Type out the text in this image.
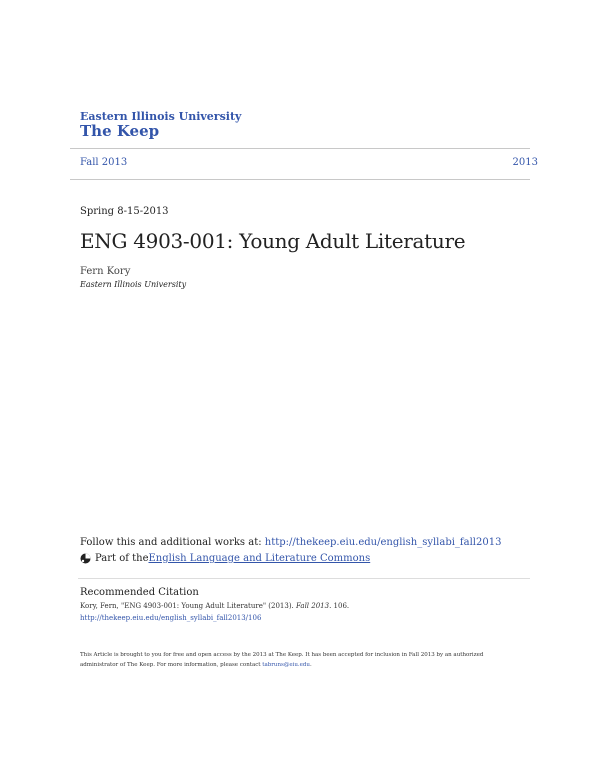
Eastern Illinois University
The Keep
Fall 2013	2013
Spring 8-15-2013
ENG 4903-001: Young Adult Literature
Fern Kory
Eastern Illinois University
Follow this and additional works at: http://thekeep.eiu.edu/english_syllabi_fall2013
Part of the English Language and Literature Commons
Recommended Citation
Kory, Fern, "ENG 4903-001: Young Adult Literature" (2013). Fall 2013. 106.
http://thekeep.eiu.edu/english_syllabi_fall2013/106
This Article is brought to you for free and open access by the 2013 at The Keep. It has been accepted for inclusion in Fall 2013 by an authorized administrator of The Keep. For more information, please contact tabruns@eiu.edu.
